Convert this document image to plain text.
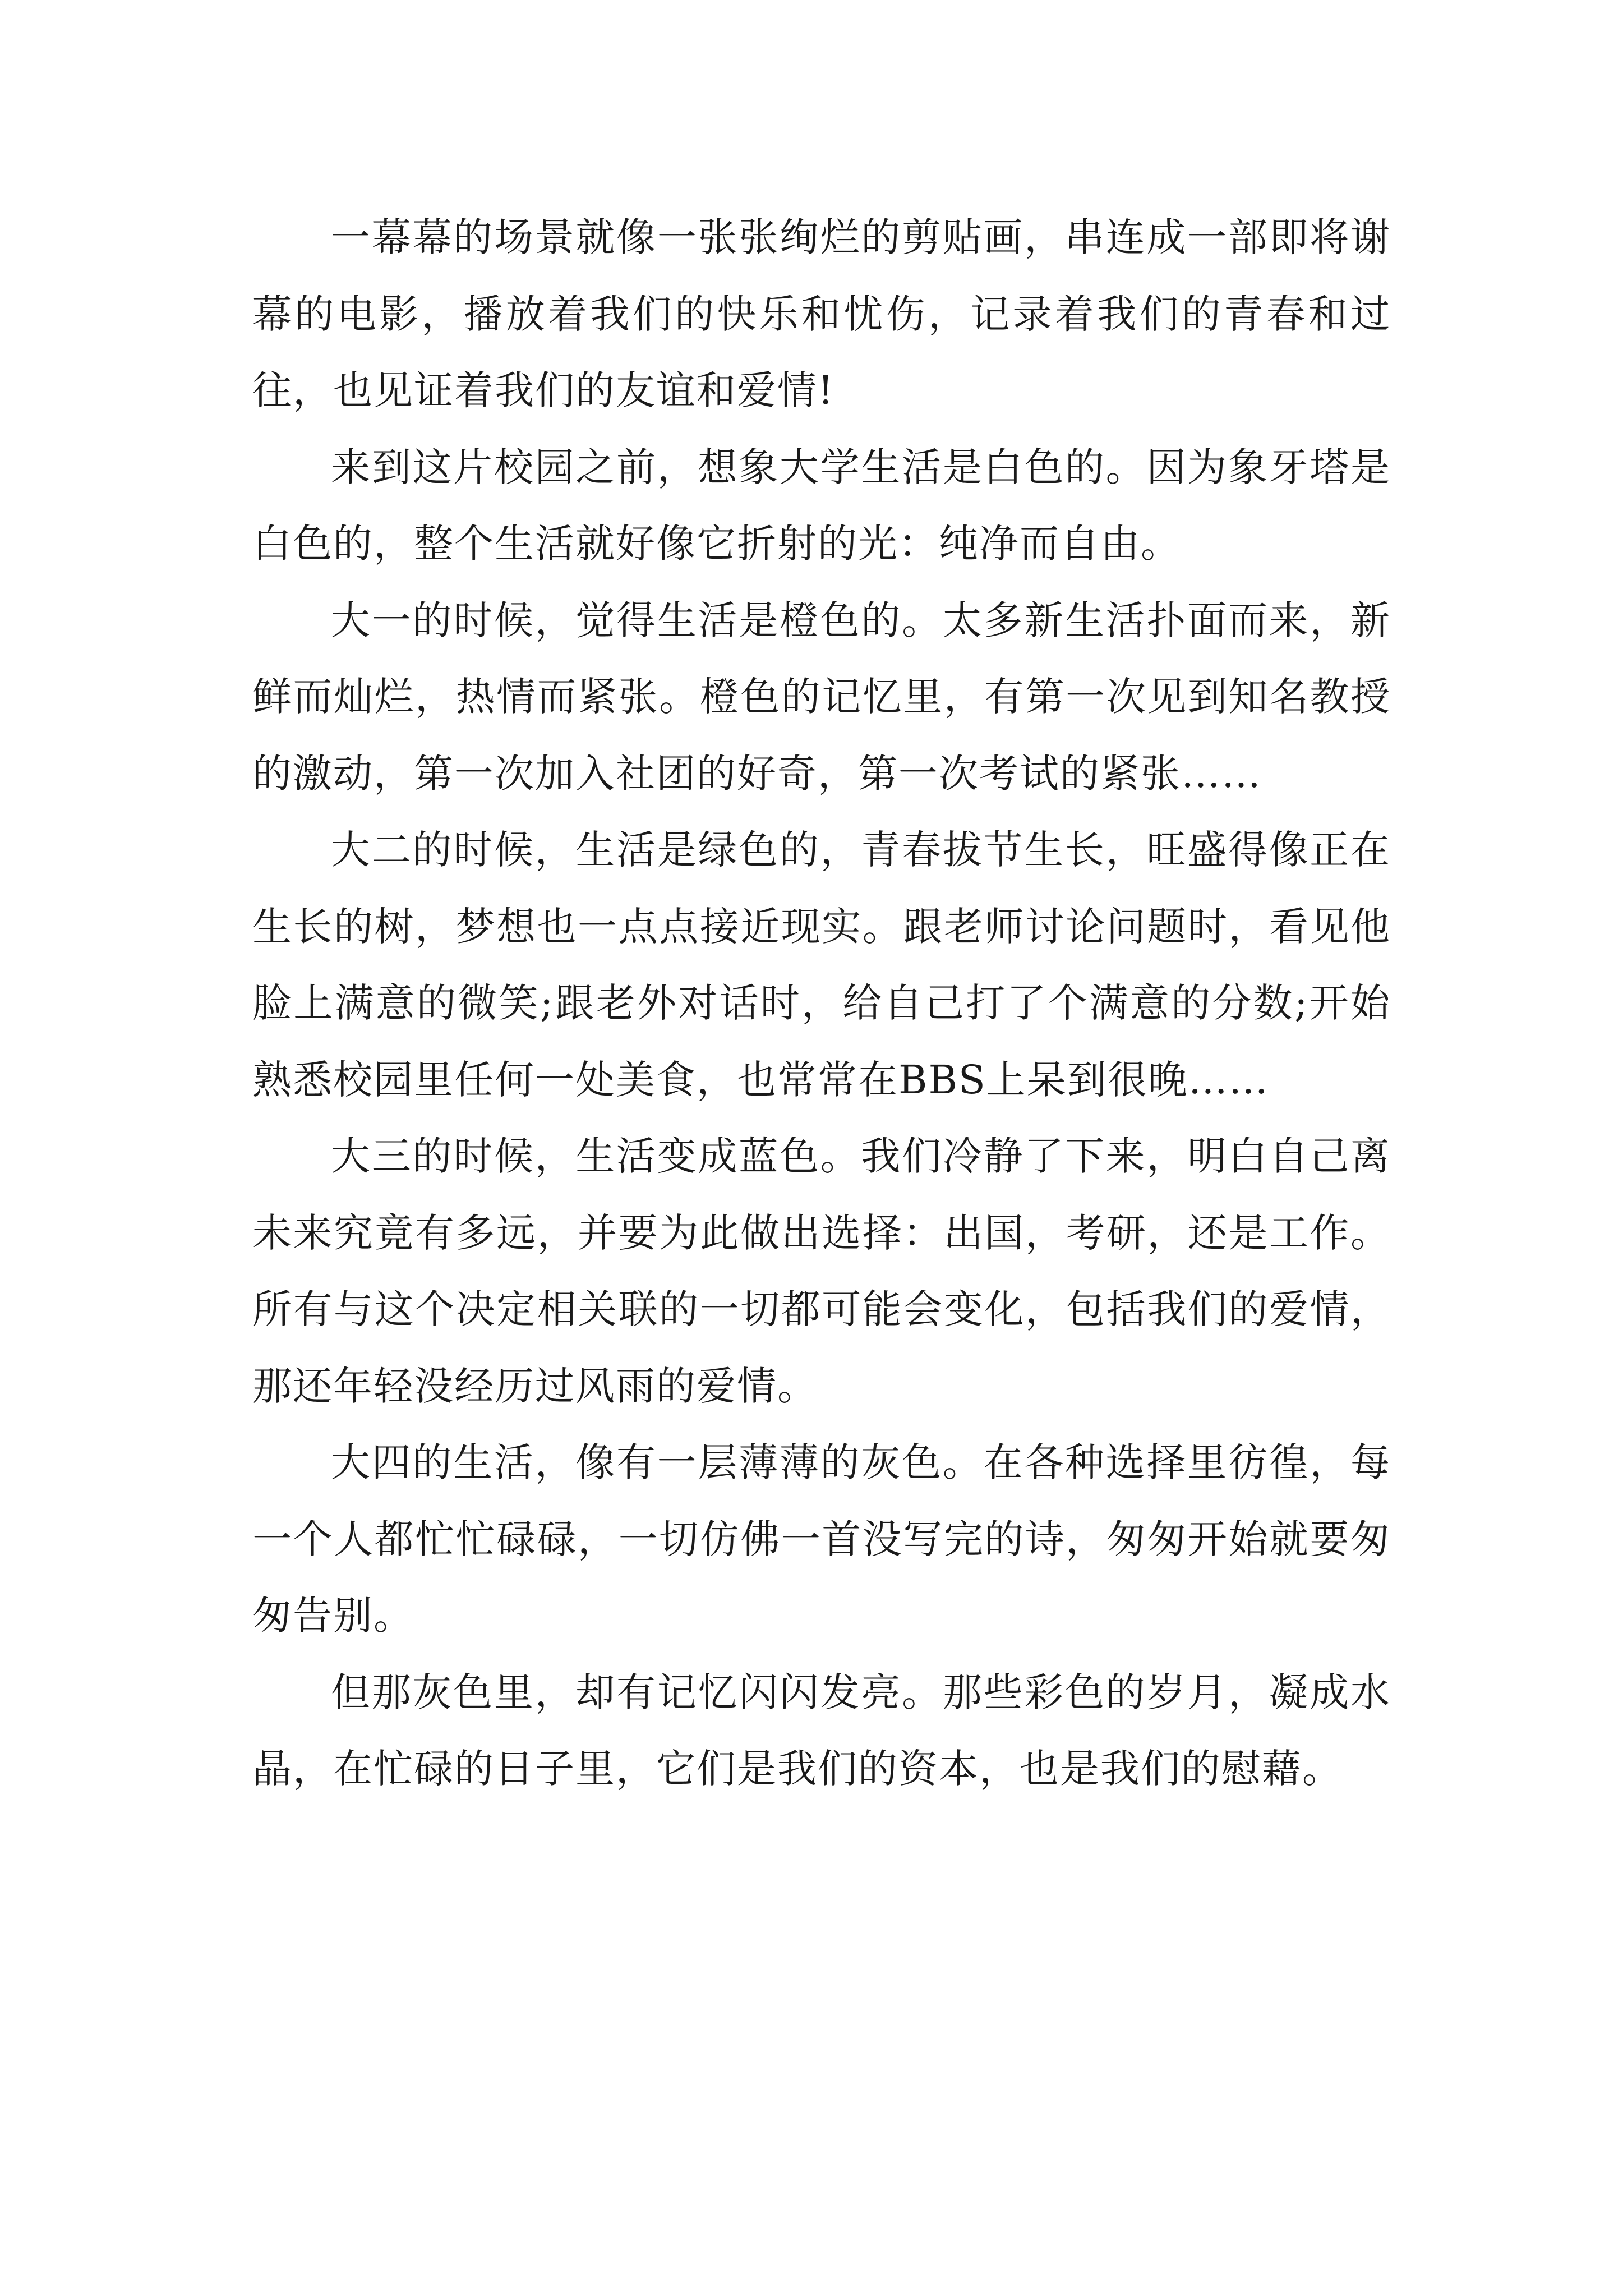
一幕幕的场景就像一张张绚烂的剪贴画，串连成一部即将谢幕的电影，播放着我们的快乐和忧伤，记录着我们的青春和过往，也见证着我们的友谊和爱情!

来到这片校园之前，想象大学生活是白色的。因为象牙塔是白色的，整个生活就好像它折射的光：纯净而自由。

大一的时候，觉得生活是橙色的。太多新生活扑面而来，新鲜而灿烂，热情而紧张。橙色的记忆里，有第一次见到知名教授的激动，第一次加入社团的好奇，第一次考试的紧张……

大二的时候，生活是绿色的，青春拔节生长，旺盛得像正在生长的树，梦想也一点点接近现实。跟老师讨论问题时，看见他脸上满意的微笑;跟老外对话时，给自己打了个满意的分数;开始熟悉校园里任何一处美食，也常常在BBS上呆到很晚……

大三的时候，生活变成蓝色。我们冷静了下来，明白自己离未来究竟有多远，并要为此做出选择：出国，考研，还是工作。所有与这个决定相关联的一切都可能会变化，包括我们的爱情，那还年轻没经历过风雨的爱情。

大四的生活，像有一层薄薄的灰色。在各种选择里彷徨，每一个人都忙忙碌碌，一切仿佛一首没写完的诗，匆匆开始就要匆匆告别。

但那灰色里，却有记忆闪闪发亮。那些彩色的岁月，凝成水晶，在忙碌的日子里，它们是我们的资本，也是我们的慰藉。
